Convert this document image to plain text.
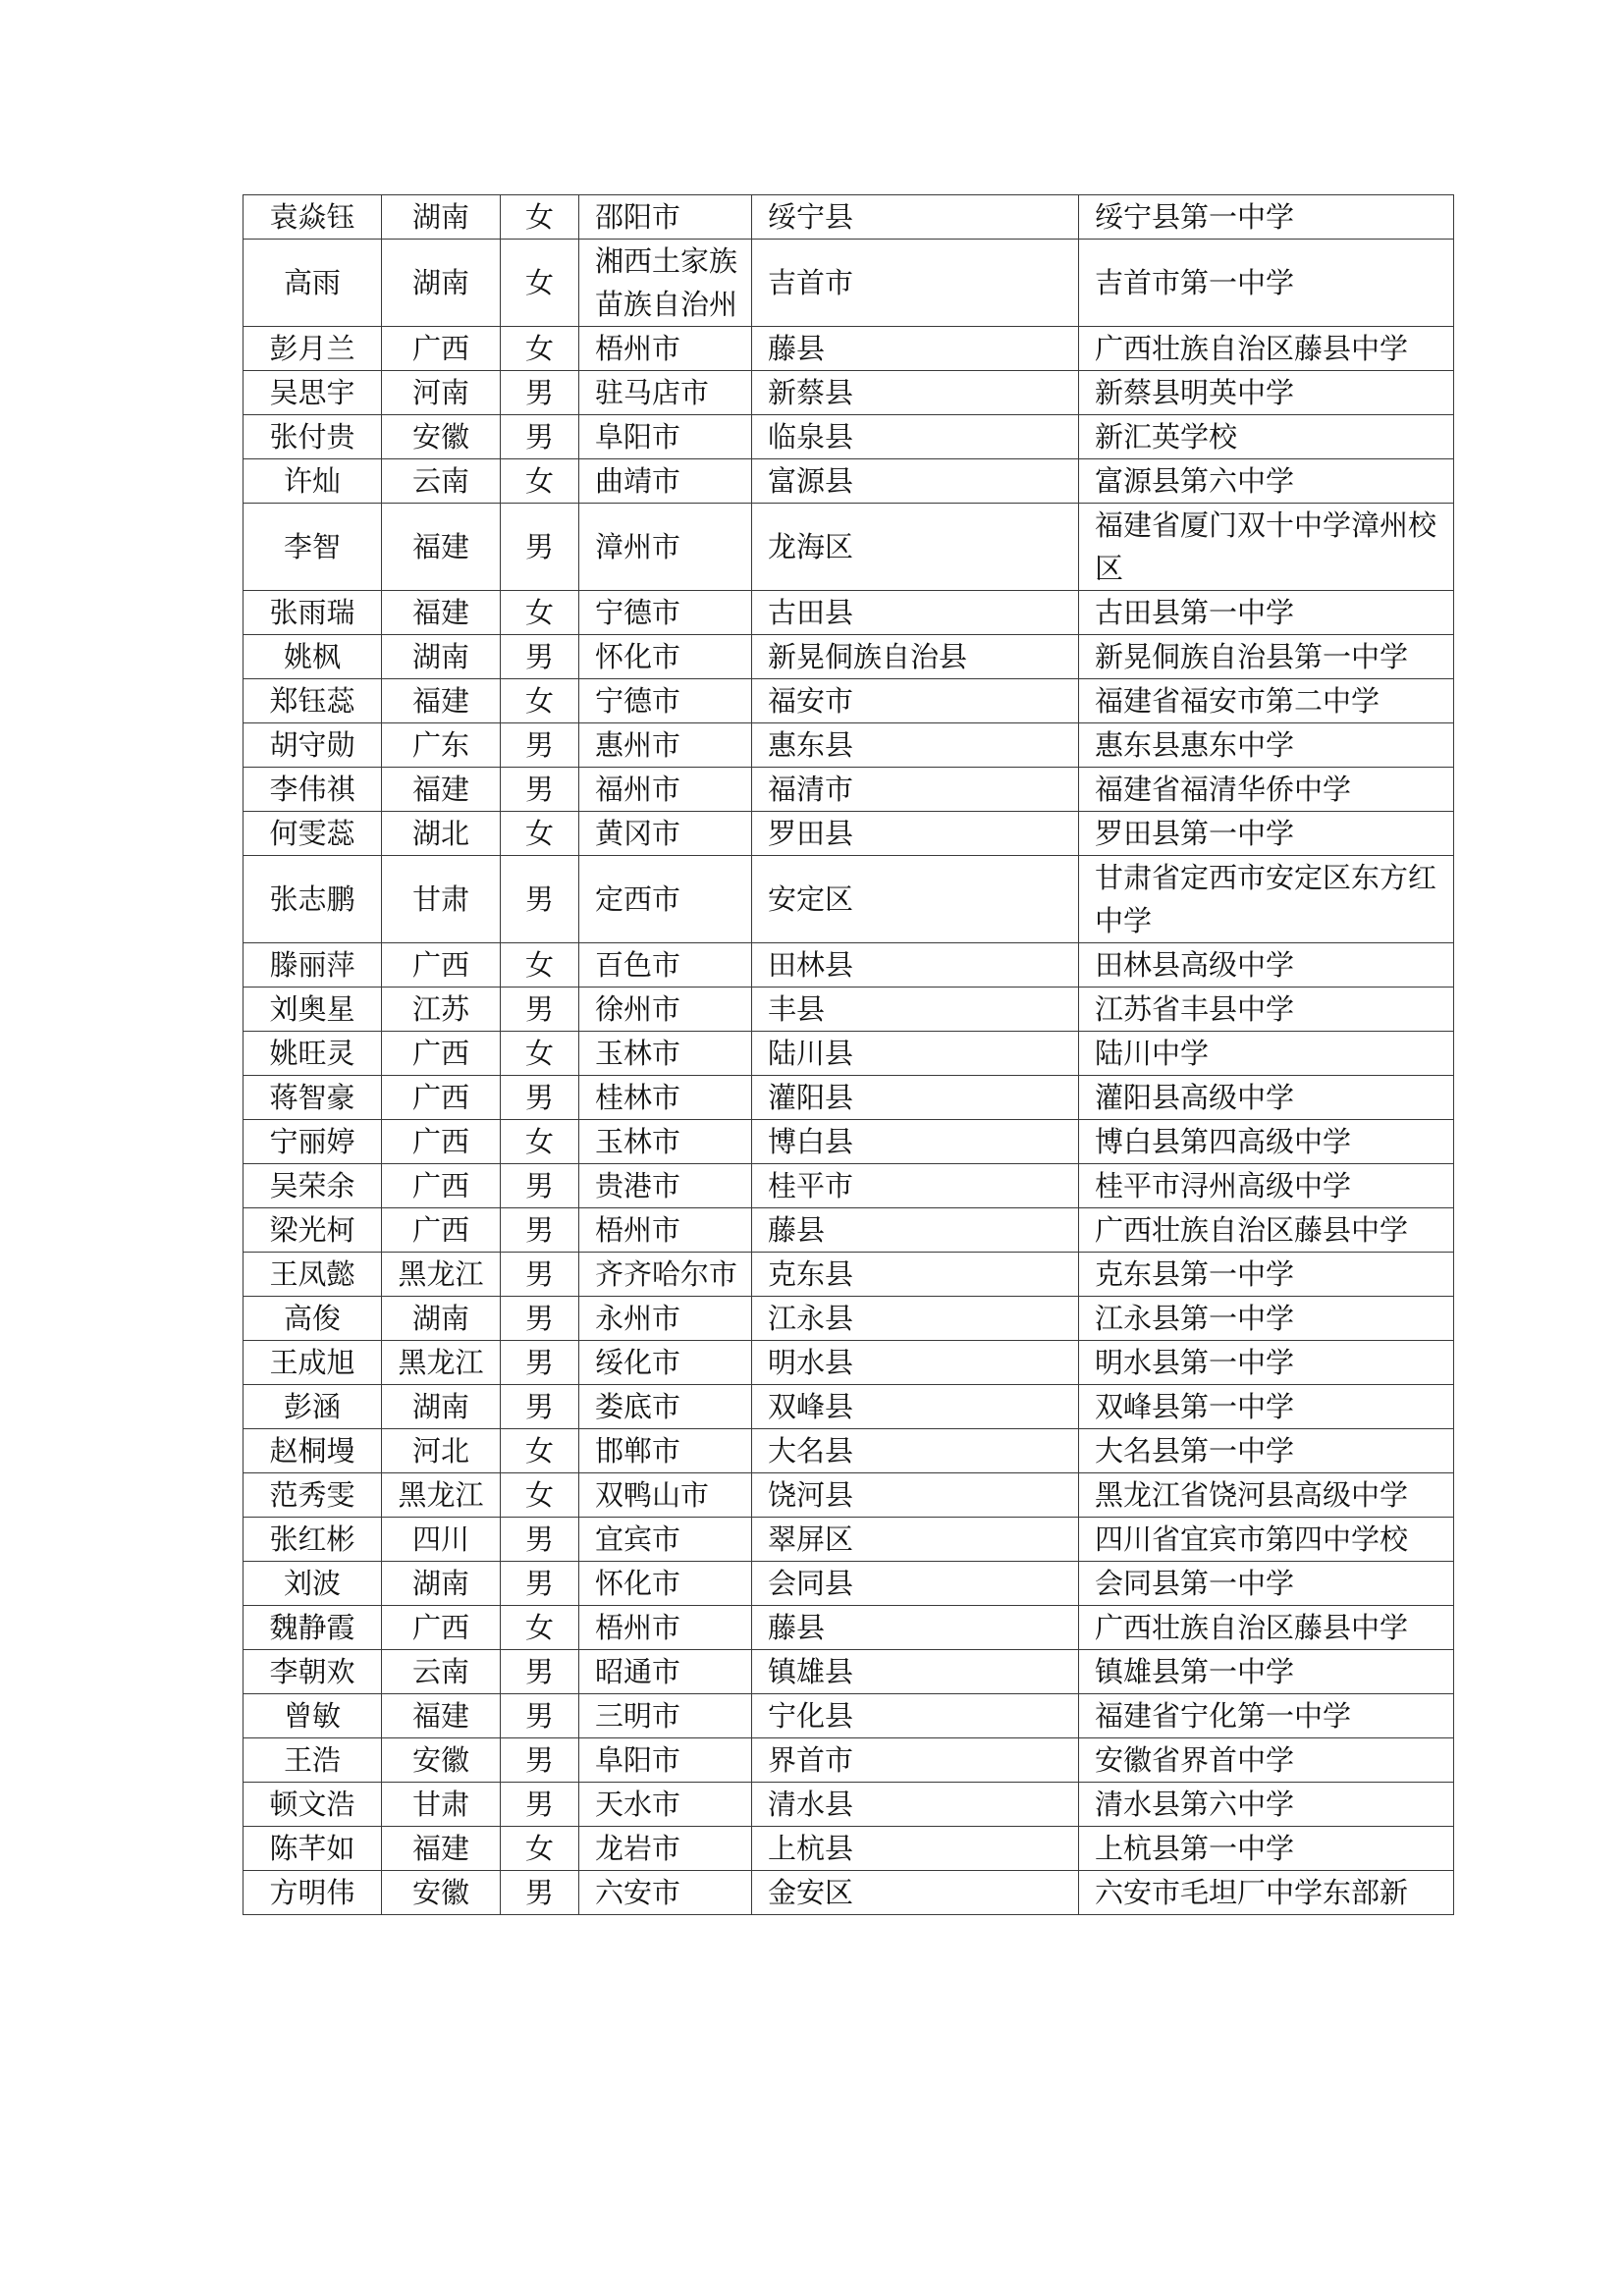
袁焱钰	湖南	女	邵阳市	绥宁县	绥宁县第一中学
高雨	湖南	女	湘西土家族苗族自治州	吉首市	吉首市第一中学
彭月兰	广西	女	梧州市	藤县	广西壮族自治区藤县中学
吴思宇	河南	男	驻马店市	新蔡县	新蔡县明英中学
张付贵	安徽	男	阜阳市	临泉县	新汇英学校
许灿	云南	女	曲靖市	富源县	富源县第六中学
李智	福建	男	漳州市	龙海区	福建省厦门双十中学漳州校区
张雨瑞	福建	女	宁德市	古田县	古田县第一中学
姚枫	湖南	男	怀化市	新晃侗族自治县	新晃侗族自治县第一中学
郑钰蕊	福建	女	宁德市	福安市	福建省福安市第二中学
胡守勋	广东	男	惠州市	惠东县	惠东县惠东中学
李伟祺	福建	男	福州市	福清市	福建省福清华侨中学
何雯蕊	湖北	女	黄冈市	罗田县	罗田县第一中学
张志鹏	甘肃	男	定西市	安定区	甘肃省定西市安定区东方红中学
滕丽萍	广西	女	百色市	田林县	田林县高级中学
刘奥星	江苏	男	徐州市	丰县	江苏省丰县中学
姚旺灵	广西	女	玉林市	陆川县	陆川中学
蒋智豪	广西	男	桂林市	灌阳县	灌阳县高级中学
宁丽婷	广西	女	玉林市	博白县	博白县第四高级中学
吴荣余	广西	男	贵港市	桂平市	桂平市浔州高级中学
梁光柯	广西	男	梧州市	藤县	广西壮族自治区藤县中学
王凤懿	黑龙江	男	齐齐哈尔市	克东县	克东县第一中学
高俊	湖南	男	永州市	江永县	江永县第一中学
王成旭	黑龙江	男	绥化市	明水县	明水县第一中学
彭涵	湖南	男	娄底市	双峰县	双峰县第一中学
赵桐墁	河北	女	邯郸市	大名县	大名县第一中学
范秀雯	黑龙江	女	双鸭山市	饶河县	黑龙江省饶河县高级中学
张红彬	四川	男	宜宾市	翠屏区	四川省宜宾市第四中学校
刘波	湖南	男	怀化市	会同县	会同县第一中学
魏静霞	广西	女	梧州市	藤县	广西壮族自治区藤县中学
李朝欢	云南	男	昭通市	镇雄县	镇雄县第一中学
曾敏	福建	男	三明市	宁化县	福建省宁化第一中学
王浩	安徽	男	阜阳市	界首市	安徽省界首中学
顿文浩	甘肃	男	天水市	清水县	清水县第六中学
陈芊如	福建	女	龙岩市	上杭县	上杭县第一中学
方明伟	安徽	男	六安市	金安区	六安市毛坦厂中学东部新
